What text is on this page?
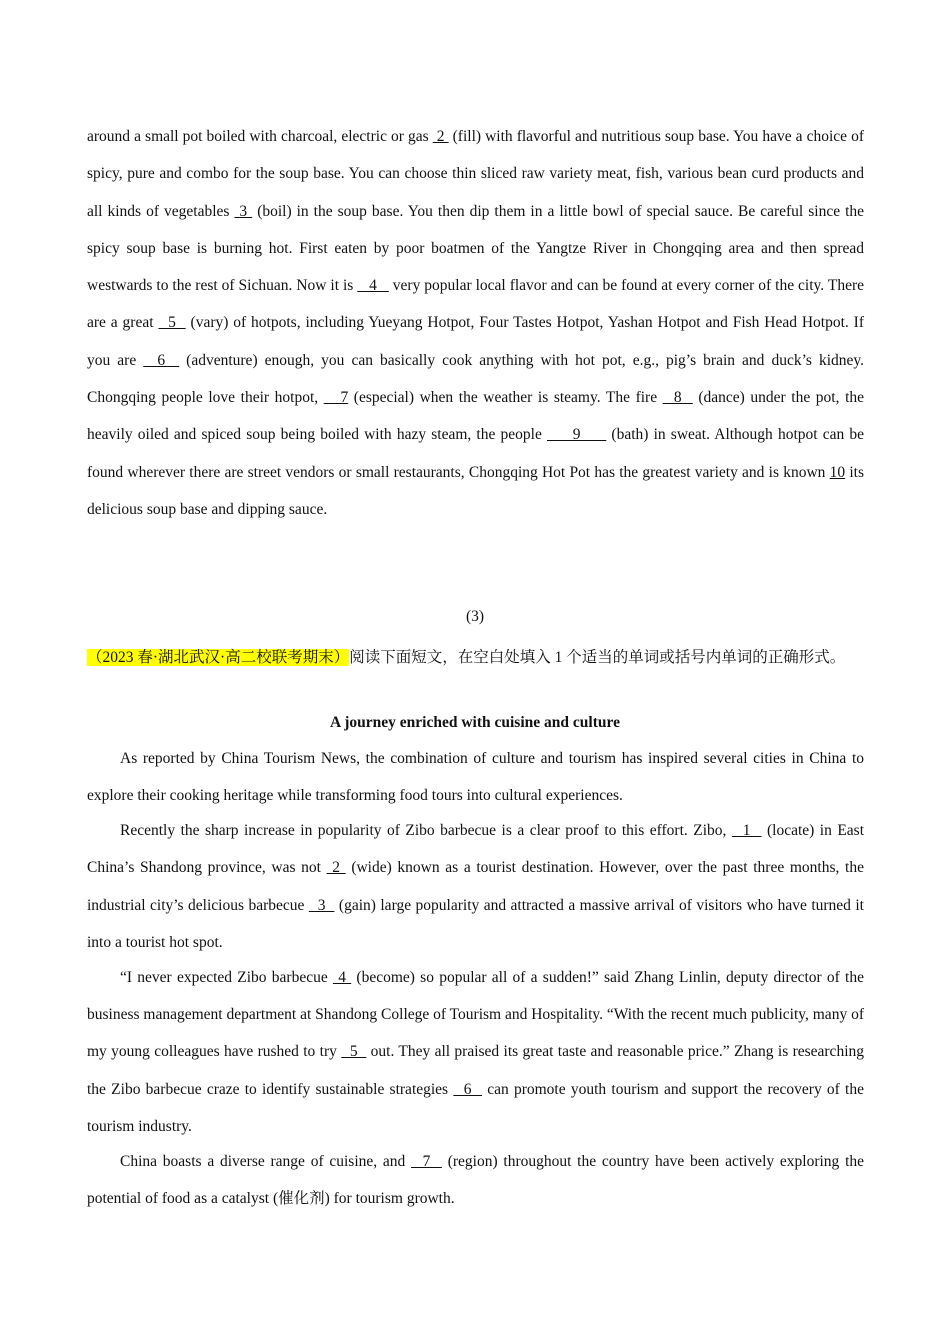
around a small pot boiled with charcoal, electric or gas  2  (fill) with flavorful and nutritious soup base. You have a choice of spicy, pure and combo for the soup base. You can choose thin sliced raw variety meat, fish, various bean curd products and all kinds of vegetables  3  (boil) in the soup base. You then dip them in a little bowl of special sauce. Be careful since the spicy soup base is burning hot. First eaten by poor boatmen of the Yangtze River in Chongqing area and then spread westwards to the rest of Sichuan. Now it is    4    very popular local flavor and can be found at every corner of the city. There are a great   5   (vary) of hotpots, including Yueyang Hotpot, Four Tastes Hotpot, Yashan Hotpot and Fish Head Hotpot. If you are   6   (adventure) enough, you can basically cook anything with hot pot, e.g., pig’s brain and duck’s kidney. Chongqing people love their hotpot,    7 (especial) when the weather is steamy. The fire   8   (dance) under the pot, the heavily oiled and spiced soup being boiled with hazy steam, the people      9      (bath) in sweat. Although hotpot can be found wherever there are street vendors or small restaurants, Chongqing Hot Pot has the greatest variety and is known 10 its delicious soup base and dipping sauce.

(3)

（2023 春·湖北武汉·高二校联考期末）阅读下面短文，在空白处填入 1 个适当的单词或括号内单词的正确形式。

A journey enriched with cuisine and culture

As reported by China Tourism News, the combination of culture and tourism has inspired several cities in China to explore their cooking heritage while transforming food tours into cultural experiences.

Recently the sharp increase in popularity of Zibo barbecue is a clear proof to this effort. Zibo,   1   (locate) in East China’s Shandong province, was not  2  (wide) known as a tourist destination. However, over the past three months, the industrial city’s delicious barbecue   3   (gain) large popularity and attracted a massive arrival of visitors who have turned it into a tourist hot spot.

“I never expected Zibo barbecue  4  (become) so popular all of a sudden!” said Zhang Linlin, deputy director of the business management department at Shandong College of Tourism and Hospitality. “With the recent much publicity, many of my young colleagues have rushed to try   5   out. They all praised its great taste and reasonable price.” Zhang is researching the Zibo barbecue craze to identify sustainable strategies   6   can promote youth tourism and support the recovery of the tourism industry.

China boasts a diverse range of cuisine, and   7   (region) throughout the country have been actively exploring the potential of food as a catalyst (催化剂) for tourism growth.
